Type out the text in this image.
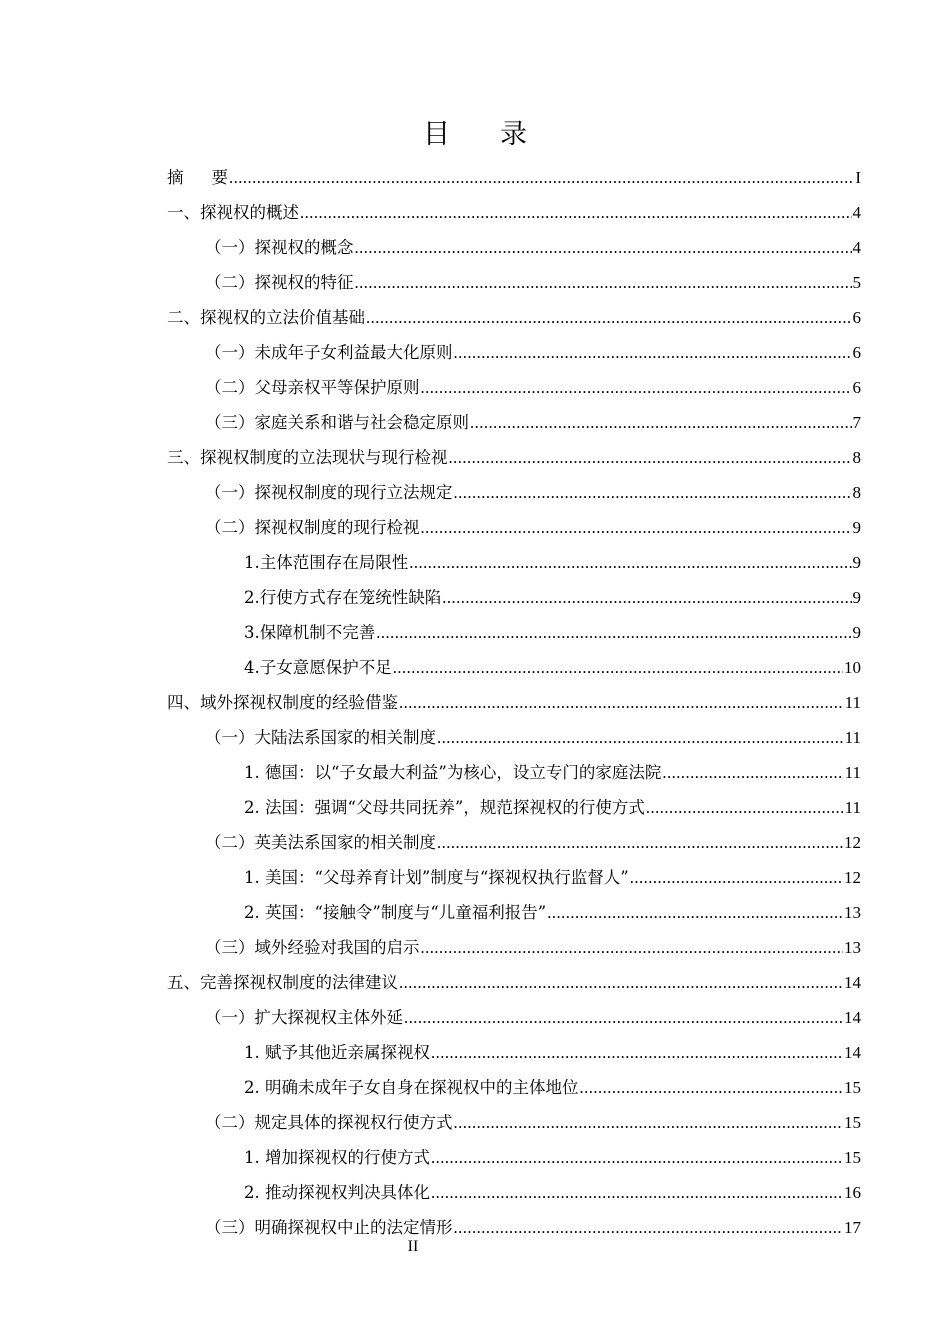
目 录
摘 要 .....	I
一、探视权的概述 .....	4
（一）探视权的概念 .....	4
（二）探视权的特征 .....	5
二、探视权的立法价值基础 .....	6
（一）未成年子女利益最大化原则 .....	6
（二）父母亲权平等保护原则 .....	6
（三）家庭关系和谐与社会稳定原则 .....	7
三、探视权制度的立法现状与现行检视 .....	8
（一）探视权制度的现行立法规定 .....	8
（二）探视权制度的现行检视 .....	9
1.主体范围存在局限性 .....	9
2.行使方式存在笼统性缺陷 .....	9
3.保障机制不完善 .....	9
4.子女意愿保护不足 .....	10
四、域外探视权制度的经验借鉴 .....	11
（一）大陆法系国家的相关制度 .....	11
1. 德国：以“子女最大利益”为核心，设立专门的家庭法院 .....	11
2. 法国：强调“父母共同抚养”，规范探视权的行使方式 .....	11
（二）英美法系国家的相关制度 .....	12
1. 美国：“父母养育计划”制度与“探视权执行监督人” .....	12
2. 英国：“接触令”制度与“儿童福利报告” .....	13
（三）域外经验对我国的启示 .....	13
五、完善探视权制度的法律建议 .....	14
（一）扩大探视权主体外延 .....	14
1. 赋予其他近亲属探视权 .....	14
2. 明确未成年子女自身在探视权中的主体地位 .....	15
（二）规定具体的探视权行使方式 .....	15
1. 增加探视权的行使方式 .....	15
2. 推动探视权判决具体化 .....	16
（三）明确探视权中止的法定情形 .....	17
II
